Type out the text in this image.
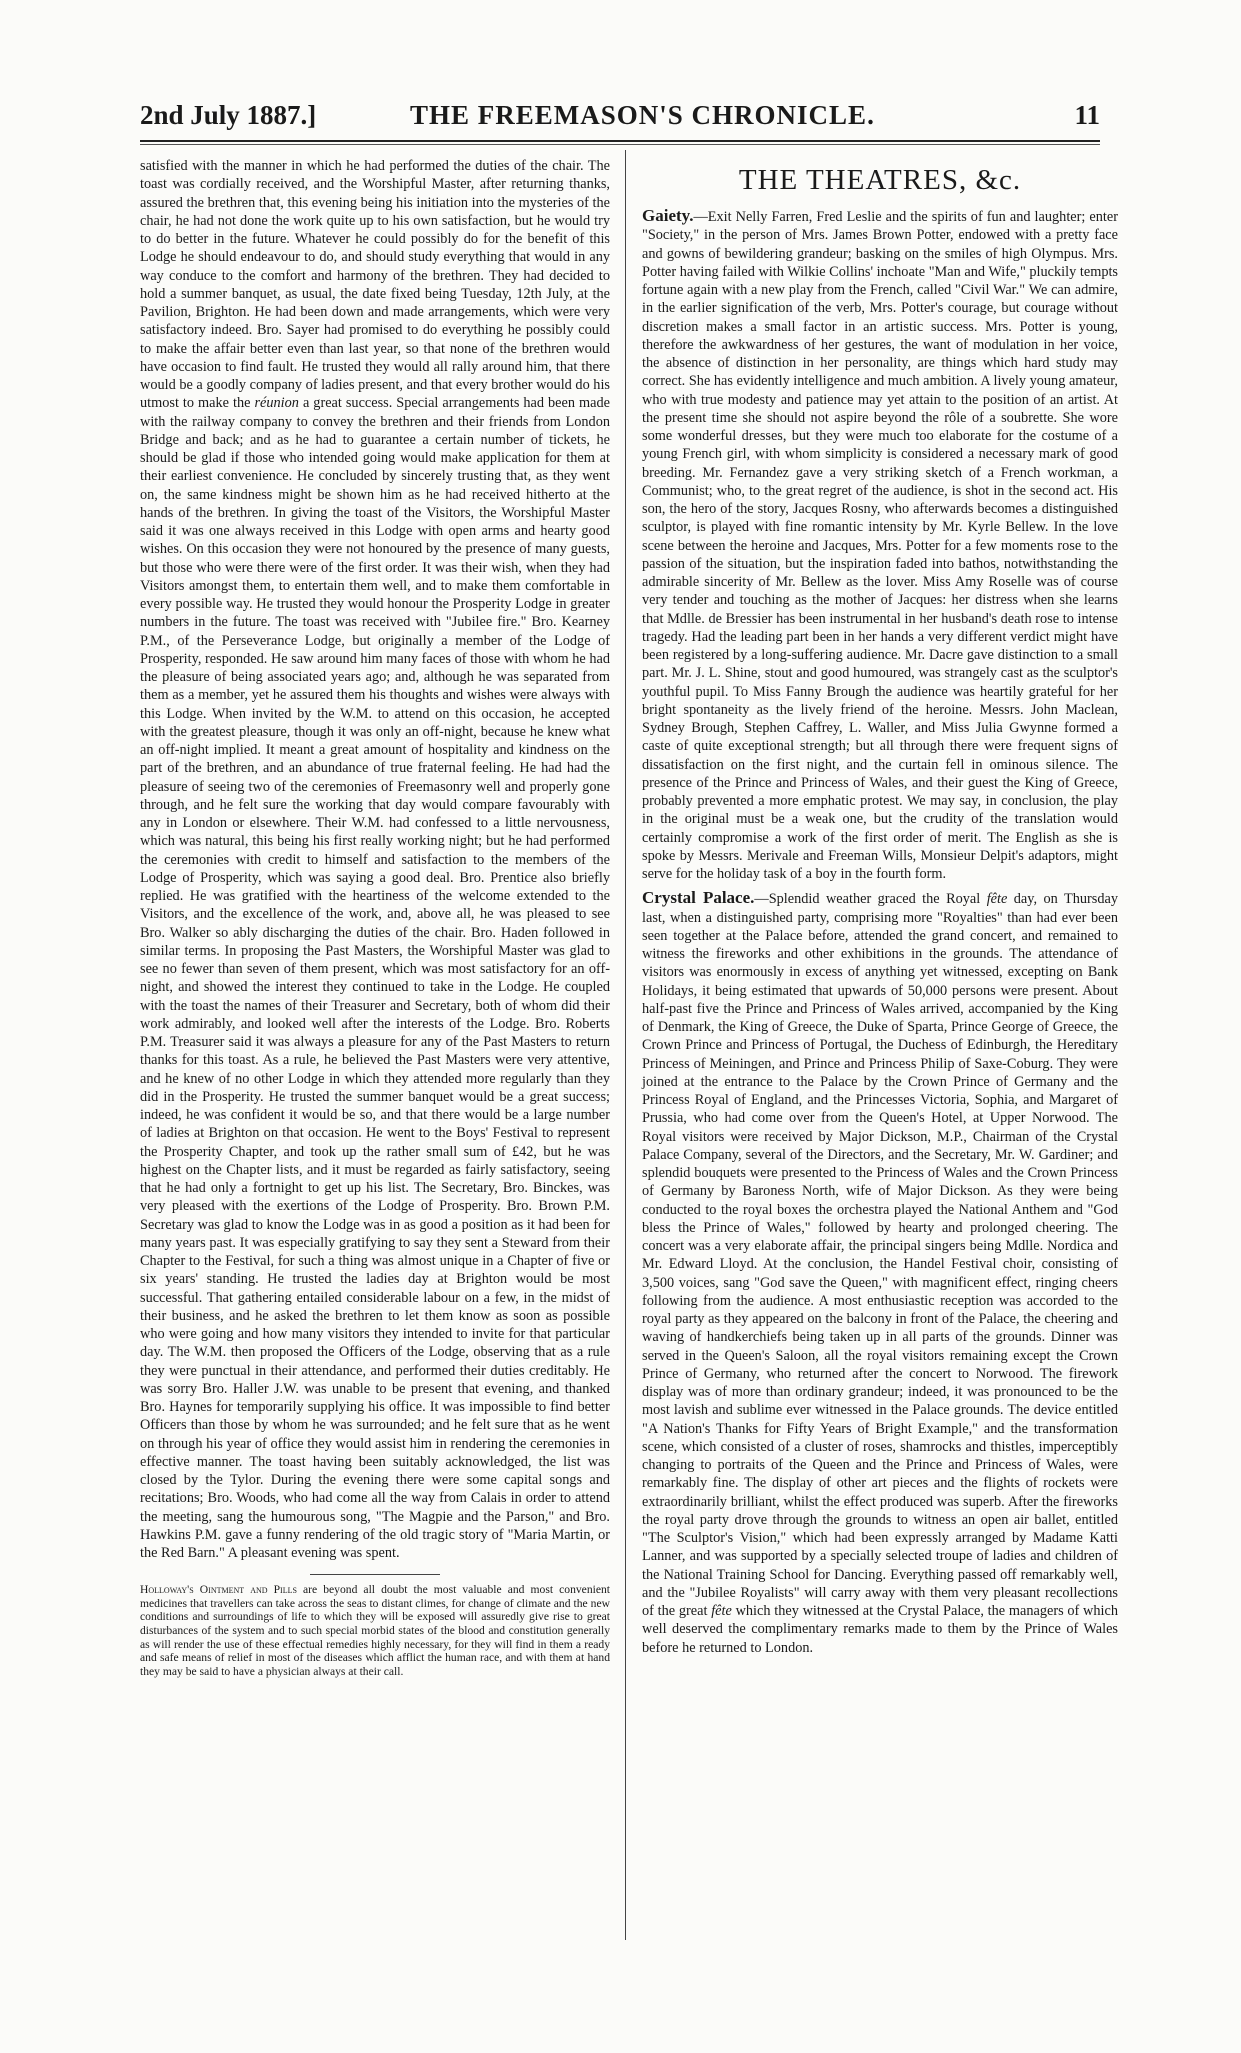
2nd July 1887.]	THE FREEMASON'S CHRONICLE.	11

satisfied with the manner in which he had performed the duties of the chair. The toast was cordially received, and the Worshipful Master, after returning thanks, assured the brethren that, this evening being his initiation into the mysteries of the chair, he had not done the work quite up to his own satisfaction, but he would try to do better in the future. Whatever he could possibly do for the benefit of this Lodge he should endeavour to do, and should study everything that would in any way conduce to the comfort and harmony of the brethren. They had decided to hold a summer banquet, as usual, the date fixed being Tuesday, 12th July, at the Pavilion, Brighton. He had been down and made arrangements, which were very satisfactory indeed. Bro. Sayer had promised to do everything he possibly could to make the affair better even than last year, so that none of the brethren would have occasion to find fault. He trusted they would all rally around him, that there would be a goodly company of ladies present, and that every brother would do his utmost to make the réunion a great success. Special arrangements had been made with the railway company to convey the brethren and their friends from London Bridge and back; and as he had to guarantee a certain number of tickets, he should be glad if those who intended going would make application for them at their earliest convenience. He concluded by sincerely trusting that, as they went on, the same kindness might be shown him as he had received hitherto at the hands of the brethren. In giving the toast of the Visitors, the Worshipful Master said it was one always received in this Lodge with open arms and hearty good wishes. On this occasion they were not honoured by the presence of many guests, but those who were there were of the first order. It was their wish, when they had Visitors amongst them, to entertain them well, and to make them comfortable in every possible way. He trusted they would honour the Prosperity Lodge in greater numbers in the future. The toast was received with "Jubilee fire." Bro. Kearney P.M., of the Perseverance Lodge, but originally a member of the Lodge of Prosperity, responded. He saw around him many faces of those with whom he had the pleasure of being associated years ago; and, although he was separated from them as a member, yet he assured them his thoughts and wishes were always with this Lodge. When invited by the W.M. to attend on this occasion, he accepted with the greatest pleasure, though it was only an off-night, because he knew what an off-night implied. It meant a great amount of hospitality and kindness on the part of the brethren, and an abundance of true fraternal feeling. He had had the pleasure of seeing two of the ceremonies of Freemasonry well and properly gone through, and he felt sure the working that day would compare favourably with any in London or elsewhere. Their W.M. had confessed to a little nervousness, which was natural, this being his first really working night; but he had performed the ceremonies with credit to himself and satisfaction to the members of the Lodge of Prosperity, which was saying a good deal. Bro. Prentice also briefly replied. He was gratified with the heartiness of the welcome extended to the Visitors, and the excellence of the work, and, above all, he was pleased to see Bro. Walker so ably discharging the duties of the chair. Bro. Haden followed in similar terms. In proposing the Past Masters, the Worshipful Master was glad to see no fewer than seven of them present, which was most satisfactory for an off-night, and showed the interest they continued to take in the Lodge. He coupled with the toast the names of their Treasurer and Secretary, both of whom did their work admirably, and looked well after the interests of the Lodge. Bro. Roberts P.M. Treasurer said it was always a pleasure for any of the Past Masters to return thanks for this toast. As a rule, he believed the Past Masters were very attentive, and he knew of no other Lodge in which they attended more regularly than they did in the Prosperity. He trusted the summer banquet would be a great success; indeed, he was confident it would be so, and that there would be a large number of ladies at Brighton on that occasion. He went to the Boys' Festival to represent the Prosperity Chapter, and took up the rather small sum of £42, but he was highest on the Chapter lists, and it must be regarded as fairly satisfactory, seeing that he had only a fortnight to get up his list. The Secretary, Bro. Binckes, was very pleased with the exertions of the Lodge of Prosperity. Bro. Brown P.M. Secretary was glad to know the Lodge was in as good a position as it had been for many years past. It was especially gratifying to say they sent a Steward from their Chapter to the Festival, for such a thing was almost unique in a Chapter of five or six years' standing. He trusted the ladies day at Brighton would be most successful. That gathering entailed considerable labour on a few, in the midst of their business, and he asked the brethren to let them know as soon as possible who were going and how many visitors they intended to invite for that particular day. The W.M. then proposed the Officers of the Lodge, observing that as a rule they were punctual in their attendance, and performed their duties creditably. He was sorry Bro. Haller J.W. was unable to be present that evening, and thanked Bro. Haynes for temporarily supplying his office. It was impossible to find better Officers than those by whom he was surrounded; and he felt sure that as he went on through his year of office they would assist him in rendering the ceremonies in effective manner. The toast having been suitably acknowledged, the list was closed by the Tylor. During the evening there were some capital songs and recitations; Bro. Woods, who had come all the way from Calais in order to attend the meeting, sang the humourous song, "The Magpie and the Parson," and Bro. Hawkins P.M. gave a funny rendering of the old tragic story of "Maria Martin, or the Red Barn." A pleasant evening was spent.

Holloway's Ointment and Pills are beyond all doubt the most valuable and most convenient medicines that travellers can take across the seas to distant climes, for change of climate and the new conditions and surroundings of life to which they will be exposed will assuredly give rise to great disturbances of the system and to such special morbid states of the blood and constitution generally as will render the use of these effectual remedies highly necessary, for they will find in them a ready and safe means of relief in most of the diseases which afflict the human race, and with them at hand they may be said to have a physician always at their call.

THE THEATRES, &c.

Gaiety.—Exit Nelly Farren, Fred Leslie and the spirits of fun and laughter; enter "Society," in the person of Mrs. James Brown Potter, endowed with a pretty face and gowns of bewildering grandeur; basking on the smiles of high Olympus. Mrs. Potter having failed with Wilkie Collins' inchoate "Man and Wife," pluckily tempts fortune again with a new play from the French, called "Civil War." We can admire, in the earlier signification of the verb, Mrs. Potter's courage, but courage without discretion makes a small factor in an artistic success. Mrs. Potter is young, therefore the awkwardness of her gestures, the want of modulation in her voice, the absence of distinction in her personality, are things which hard study may correct. She has evidently intelligence and much ambition. A lively young amateur, who with true modesty and patience may yet attain to the position of an artist. At the present time she should not aspire beyond the rôle of a soubrette. She wore some wonderful dresses, but they were much too elaborate for the costume of a young French girl, with whom simplicity is considered a necessary mark of good breeding. Mr. Fernandez gave a very striking sketch of a French workman, a Communist; who, to the great regret of the audience, is shot in the second act. His son, the hero of the story, Jacques Rosny, who afterwards becomes a distinguished sculptor, is played with fine romantic intensity by Mr. Kyrle Bellew. In the love scene between the heroine and Jacques, Mrs. Potter for a few moments rose to the passion of the situation, but the inspiration faded into bathos, notwithstanding the admirable sincerity of Mr. Bellew as the lover. Miss Amy Roselle was of course very tender and touching as the mother of Jacques: her distress when she learns that Mdlle. de Bressier has been instrumental in her husband's death rose to intense tragedy. Had the leading part been in her hands a very different verdict might have been registered by a long-suffering audience. Mr. Dacre gave distinction to a small part. Mr. J. L. Shine, stout and good humoured, was strangely cast as the sculptor's youthful pupil. To Miss Fanny Brough the audience was heartily grateful for her bright spontaneity as the lively friend of the heroine. Messrs. John Maclean, Sydney Brough, Stephen Caffrey, L. Waller, and Miss Julia Gwynne formed a caste of quite exceptional strength; but all through there were frequent signs of dissatisfaction on the first night, and the curtain fell in ominous silence. The presence of the Prince and Princess of Wales, and their guest the King of Greece, probably prevented a more emphatic protest. We may say, in conclusion, the play in the original must be a weak one, but the crudity of the translation would certainly compromise a work of the first order of merit. The English as she is spoke by Messrs. Merivale and Freeman Wills, Monsieur Delpit's adaptors, might serve for the holiday task of a boy in the fourth form.

Crystal Palace.—Splendid weather graced the Royal fête day, on Thursday last, when a distinguished party, comprising more "Royalties" than had ever been seen together at the Palace before, attended the grand concert, and remained to witness the fireworks and other exhibitions in the grounds. The attendance of visitors was enormously in excess of anything yet witnessed, excepting on Bank Holidays, it being estimated that upwards of 50,000 persons were present. About half-past five the Prince and Princess of Wales arrived, accompanied by the King of Denmark, the King of Greece, the Duke of Sparta, Prince George of Greece, the Crown Prince and Princess of Portugal, the Duchess of Edinburgh, the Hereditary Princess of Meiningen, and Prince and Princess Philip of Saxe-Coburg. They were joined at the entrance to the Palace by the Crown Prince of Germany and the Princess Royal of England, and the Princesses Victoria, Sophia, and Margaret of Prussia, who had come over from the Queen's Hotel, at Upper Norwood. The Royal visitors were received by Major Dickson, M.P., Chairman of the Crystal Palace Company, several of the Directors, and the Secretary, Mr. W. Gardiner; and splendid bouquets were presented to the Princess of Wales and the Crown Princess of Germany by Baroness North, wife of Major Dickson. As they were being conducted to the royal boxes the orchestra played the National Anthem and "God bless the Prince of Wales," followed by hearty and prolonged cheering. The concert was a very elaborate affair, the principal singers being Mdlle. Nordica and Mr. Edward Lloyd. At the conclusion, the Handel Festival choir, consisting of 3,500 voices, sang "God save the Queen," with magnificent effect, ringing cheers following from the audience. A most enthusiastic reception was accorded to the royal party as they appeared on the balcony in front of the Palace, the cheering and waving of handkerchiefs being taken up in all parts of the grounds. Dinner was served in the Queen's Saloon, all the royal visitors remaining except the Crown Prince of Germany, who returned after the concert to Norwood. The firework display was of more than ordinary grandeur; indeed, it was pronounced to be the most lavish and sublime ever witnessed in the Palace grounds. The device entitled "A Nation's Thanks for Fifty Years of Bright Example," and the transformation scene, which consisted of a cluster of roses, shamrocks and thistles, imperceptibly changing to portraits of the Queen and the Prince and Princess of Wales, were remarkably fine. The display of other art pieces and the flights of rockets were extraordinarily brilliant, whilst the effect produced was superb. After the fireworks the royal party drove through the grounds to witness an open air ballet, entitled "The Sculptor's Vision," which had been expressly arranged by Madame Katti Lanner, and was supported by a specially selected troupe of ladies and children of the National Training School for Dancing. Everything passed off remarkably well, and the "Jubilee Royalists" will carry away with them very pleasant recollections of the great fête which they witnessed at the Crystal Palace, the managers of which well deserved the complimentary remarks made to them by the Prince of Wales before he returned to London.
